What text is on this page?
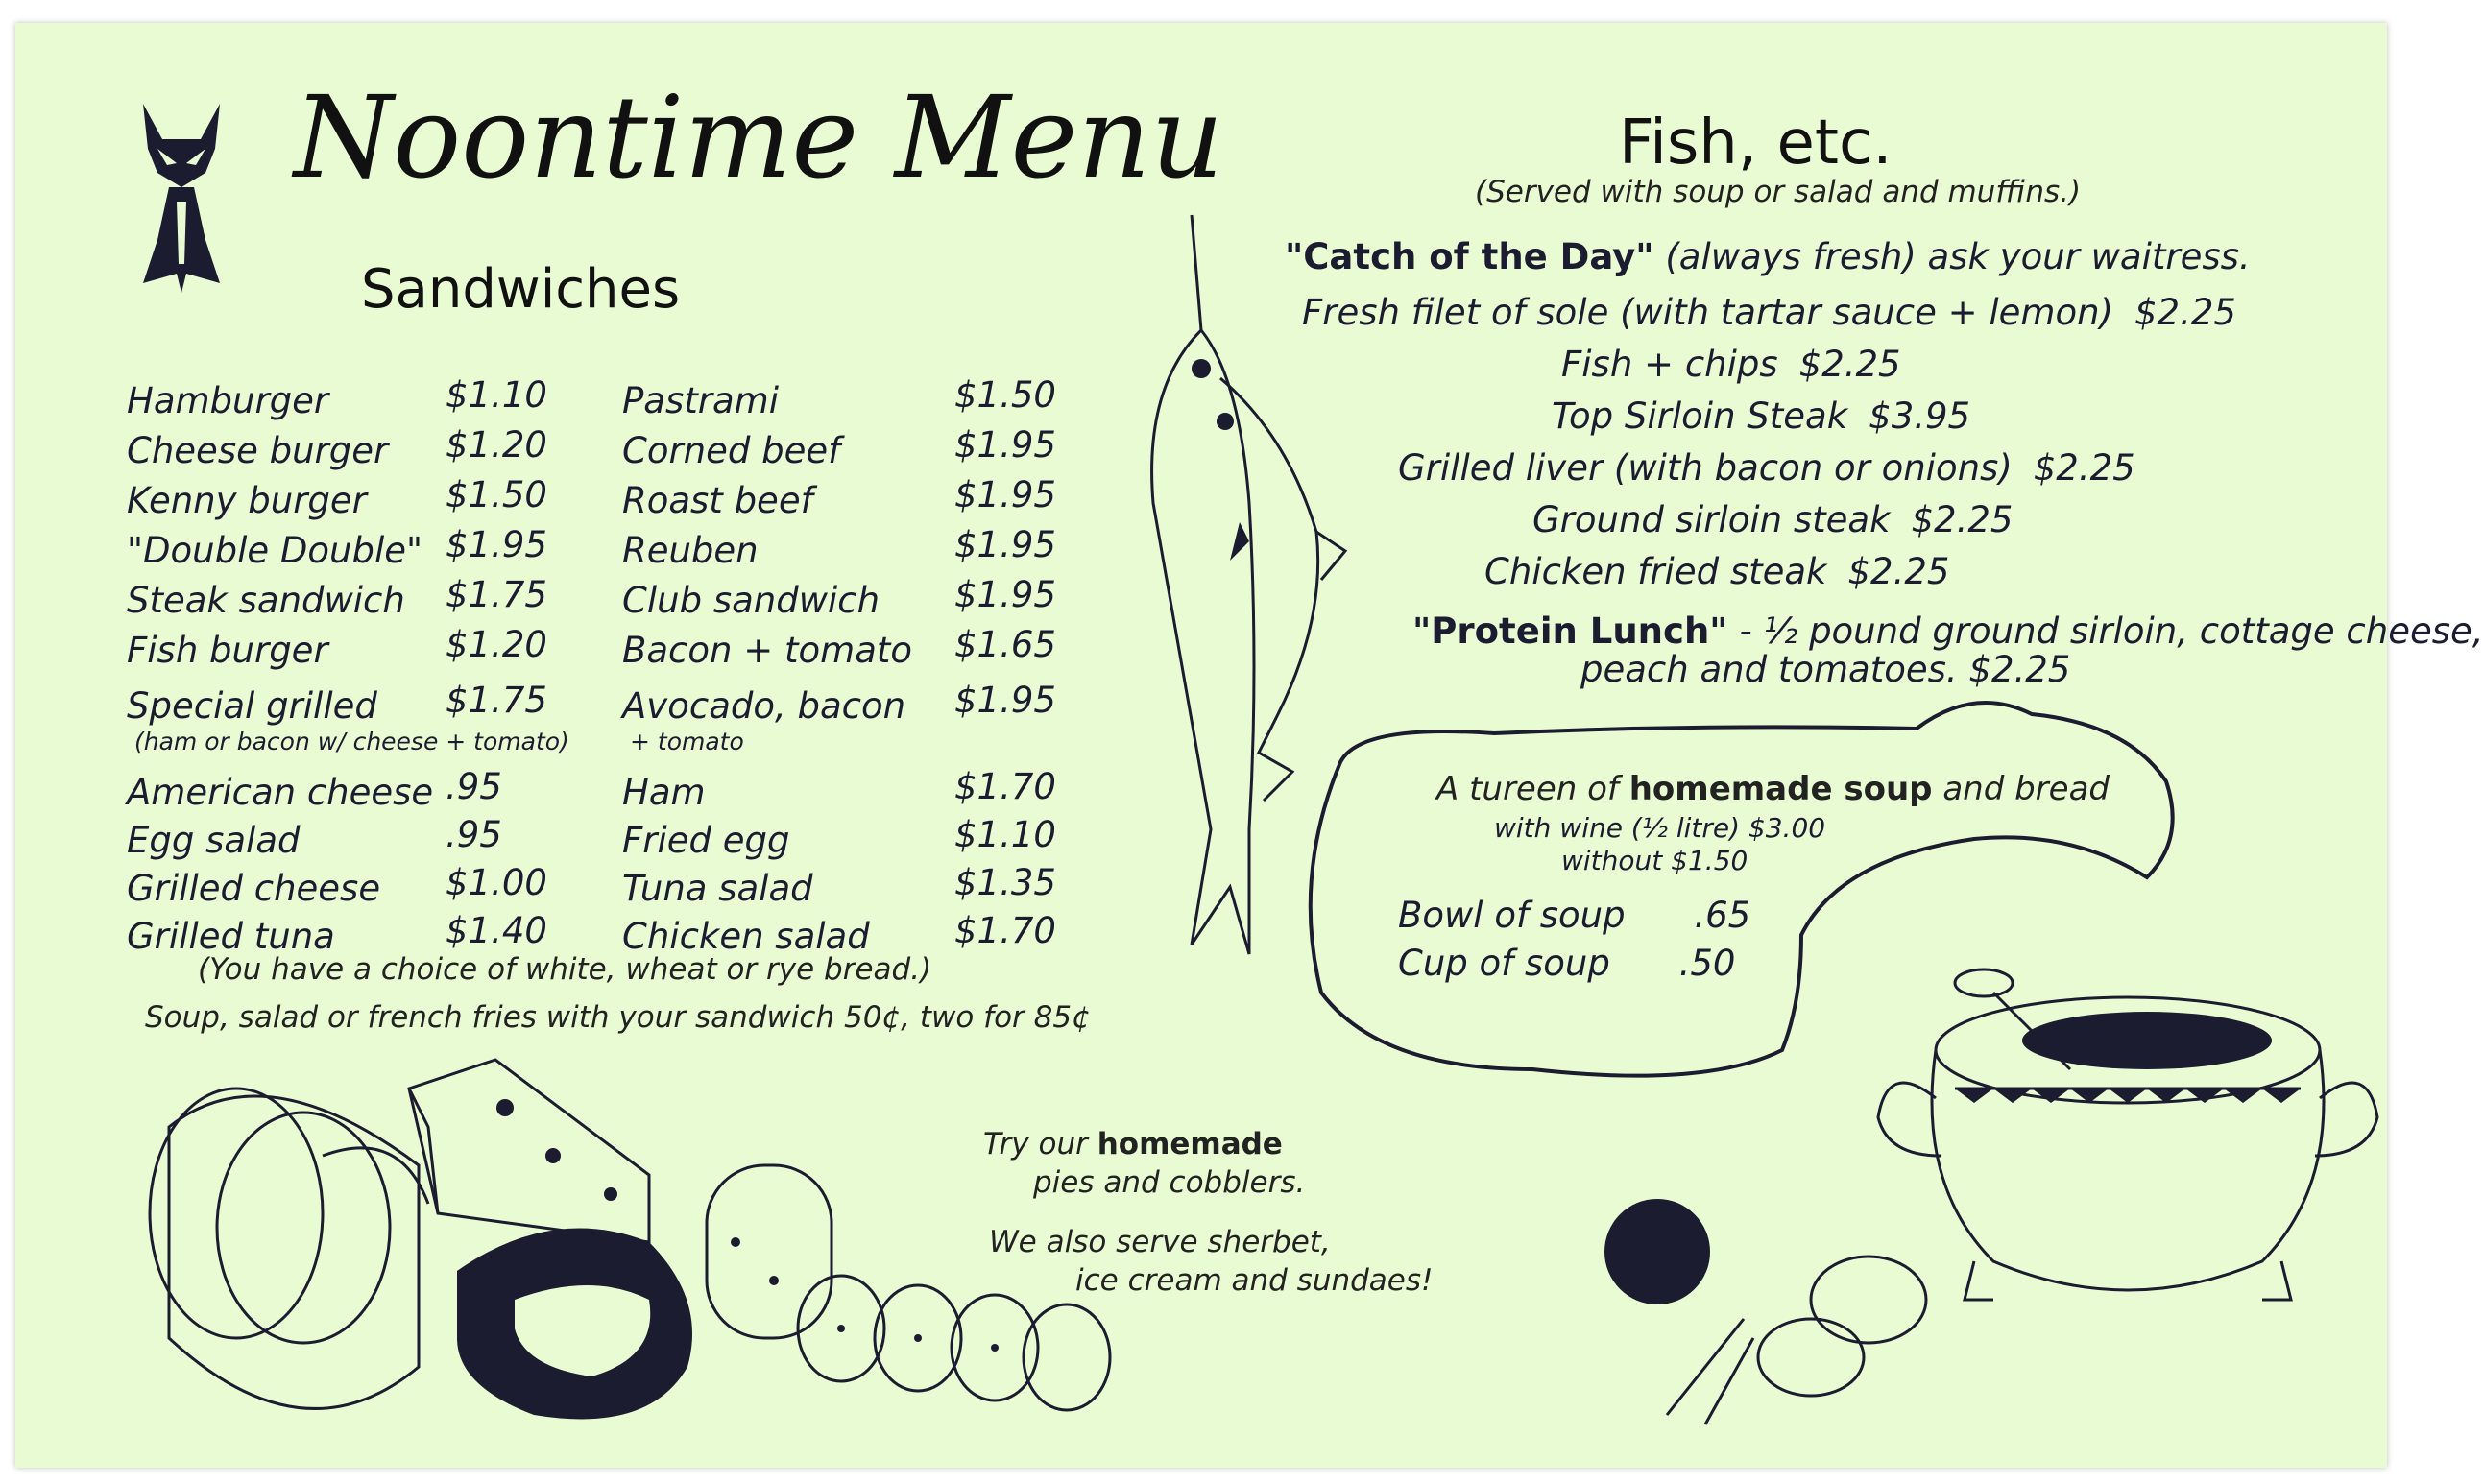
Noontime Menu
Sandwiches
Hamburger	$1.10
Cheese burger $1.20
Kenny burger $1.50
"Double Double" $1.95
Steak sandwich $1.75
Fish burger	$1.20
Special grilled $1.75
(ham or bacon w/ cheese + tomato)
American cheese .95
Egg salad	.95
Grilled cheese $1.00
Grilled tuna	$1.40
Pastrami	$1.50
Corned beef	$1.95
Roast beef	$1.95
Reuben	$1.95
Club sandwich $1.95
Bacon + tomato $1.65
Avocado, bacon $1.95
+ tomato
Ham	$1.70
Fried egg	$1.10
Tuna salad	$1.35
Chicken salad $1.70
(You have a choice of white, wheat or rye bread.)
Soup, salad or french fries with your sandwich 50¢, two for 85¢
Try our homemade
pies and cobblers.
We also serve sherbet,
ice cream and sundaes!
Fish, etc.
(Served with soup or salad and muffins.)
"Catch of the Day" (always fresh) ask your waitress.
Fresh filet of sole (with tartar sauce + lemon) $2.25
Fish + chips $2.25
Top Sirloin Steak $3.95
Grilled liver (with bacon or onions) $2.25
Ground sirloin steak $2.25
Chicken fried steak $2.25
"Protein Lunch" - ½ pound ground sirloin, cottage cheese,
peach and tomatoes. $2.25
A tureen of homemade soup and bread
with wine (½ litre) $3.00
without $1.50
Bowl of soup .65
Cup of soup .50
